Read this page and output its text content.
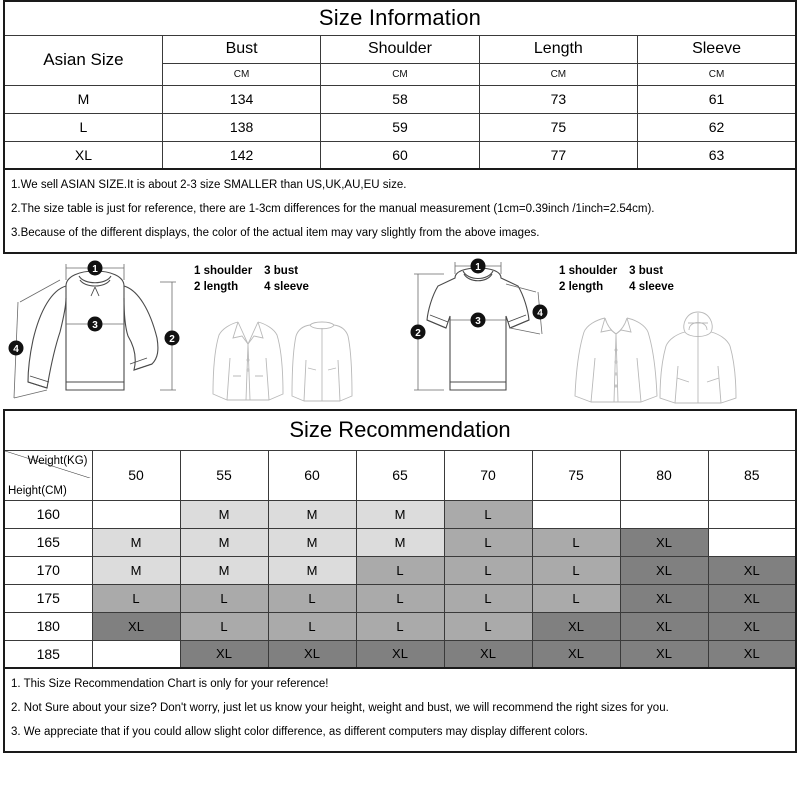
Size Information				
Asian Size	Bust	Shoulder	Length	Sleeve
	CM	CM	CM	CM
M	134	58	73	61
L	138	59	75	62
XL	142	60	77	63
1.We sell ASIAN SIZE.It is about 2-3 size SMALLER than US,UK,AU,EU size.
2.The size table is just for reference, there are 1-3cm differences for the manual measurement (1cm=0.39inch /1inch=2.54cm).
3.Because of the different displays, the color of the actual item may vary slightly from the above images.
1
3
2
4
1 shoulder 3 bust
2 length	4 sleeve
1
3
2
4
1 shoulder 3 bust
2 length	4 sleeve
Size Recommendation								

Weight(KG)
Height(CM)	50	55	60	65	70	75	80	85
160		M	M	M	L			
165	M	M	M	M	L	L	XL	
170	M	M	M	L	L	L	XL	XL
175	L	L	L	L	L	L	XL	XL
180	XL	L	L	L	L	XL	XL	XL
185		XL	XL	XL	XL	XL	XL	XL
1. This Size Recommendation Chart is only for your reference!
2. Not Sure about your size? Don't worry, just let us know your height, weight and bust, we will recommend the right sizes for you.
3. We appreciate that if you could allow slight color difference, as different computers may display different colors.
